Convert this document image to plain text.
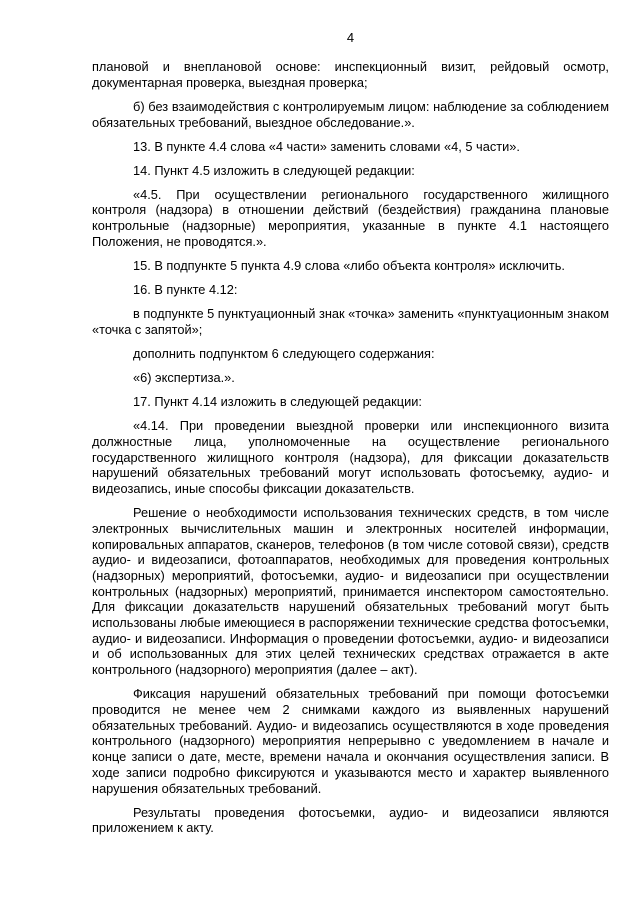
4

плановой и внеплановой основе: инспекционный визит, рейдовый осмотр, документарная проверка, выездная проверка;

б) без взаимодействия с контролируемым лицом: наблюдение за соблюдением обязательных требований, выездное обследование.».

13. В пункте 4.4 слова «4 части» заменить словами «4, 5 части».

14. Пункт 4.5 изложить в следующей редакции:

«4.5. При осуществлении регионального государственного жилищного контроля (надзора) в отношении действий (бездействия) гражданина плановые контрольные (надзорные) мероприятия, указанные в пункте 4.1 настоящего Положения, не проводятся.».

15. В подпункте 5 пункта 4.9 слова «либо объекта контроля» исключить.

16. В пункте 4.12:

в подпункте 5 пунктуационный знак «точка» заменить «пунктуационным знаком «точка с запятой»;

дополнить подпунктом 6 следующего содержания:

«6) экспертиза.».

17. Пункт 4.14 изложить в следующей редакции:

«4.14. При проведении выездной проверки или инспекционного визита должностные лица, уполномоченные на осуществление регионального государственного жилищного контроля (надзора), для фиксации доказательств нарушений обязательных требований могут использовать фотосъемку, аудио- и видеозапись, иные способы фиксации доказательств.

Решение о необходимости использования технических средств, в том числе электронных вычислительных машин и электронных носителей информации, копировальных аппаратов, сканеров, телефонов (в том числе сотовой связи), средств аудио- и видеозаписи, фотоаппаратов, необходимых для проведения контрольных (надзорных) мероприятий, фотосъемки, аудио- и видеозаписи при осуществлении контрольных (надзорных) мероприятий, принимается инспектором самостоятельно. Для фиксации доказательств нарушений обязательных требований могут быть использованы любые имеющиеся в распоряжении технические средства фотосъемки, аудио- и видеозаписи. Информация о проведении фотосъемки, аудио- и видеозаписи и об использованных для этих целей технических средствах отражается в акте контрольного (надзорного) мероприятия (далее – акт).

Фиксация нарушений обязательных требований при помощи фотосъемки проводится не менее чем 2 снимками каждого из выявленных нарушений обязательных требований. Аудио- и видеозапись осуществляются в ходе проведения контрольного (надзорного) мероприятия непрерывно с уведомлением в начале и конце записи о дате, месте, времени начала и окончания осуществления записи. В ходе записи подробно фиксируются и указываются место и характер выявленного нарушения обязательных требований.

Результаты проведения фотосъемки, аудио- и видеозаписи являются приложением к акту.
